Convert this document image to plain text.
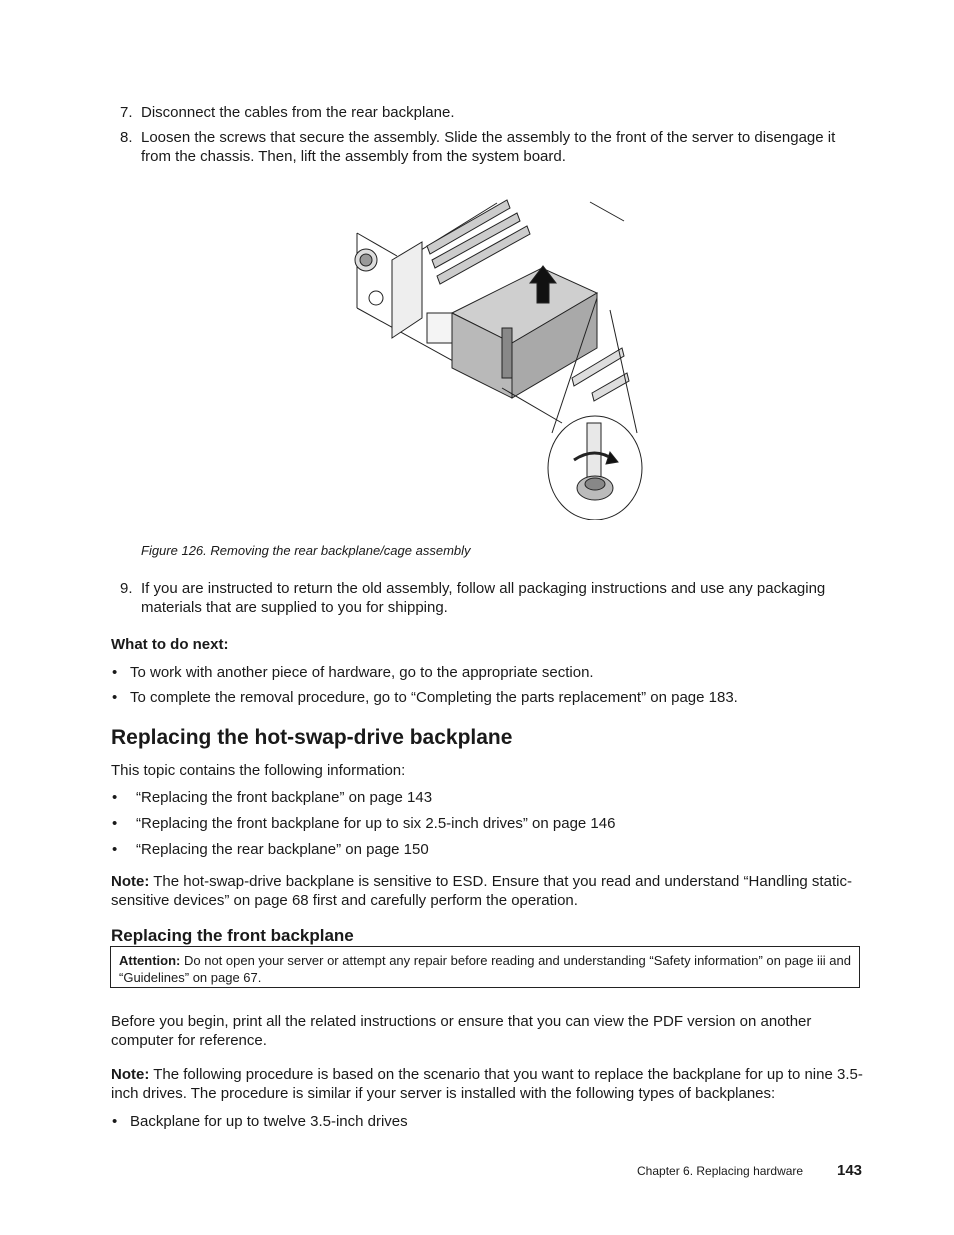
7. Disconnect the cables from the rear backplane.
8. Loosen the screws that secure the assembly. Slide the assembly to the front of the server to disengage it from the chassis. Then, lift the assembly from the system board.
Figure 126. Removing the rear backplane/cage assembly
9. If you are instructed to return the old assembly, follow all packaging instructions and use any packaging materials that are supplied to you for shipping.
What to do next:
• To work with another piece of hardware, go to the appropriate section.
• To complete the removal procedure, go to “Completing the parts replacement” on page 183.
Replacing the hot-swap-drive backplane
This topic contains the following information:
• “Replacing the front backplane” on page 143
• “Replacing the front backplane for up to six 2.5-inch drives” on page 146
• “Replacing the rear backplane” on page 150
Note: The hot-swap-drive backplane is sensitive to ESD. Ensure that you read and understand “Handling static-sensitive devices” on page 68 first and carefully perform the operation.
Replacing the front backplane
Attention: Do not open your server or attempt any repair before reading and understanding “Safety information” on page iii and “Guidelines” on page 67.
Before you begin, print all the related instructions or ensure that you can view the PDF version on another computer for reference.
Note: The following procedure is based on the scenario that you want to replace the backplane for up to nine 3.5-inch drives. The procedure is similar if your server is installed with the following types of backplanes:
• Backplane for up to twelve 3.5-inch drives
Chapter 6. Replacing hardware 143
